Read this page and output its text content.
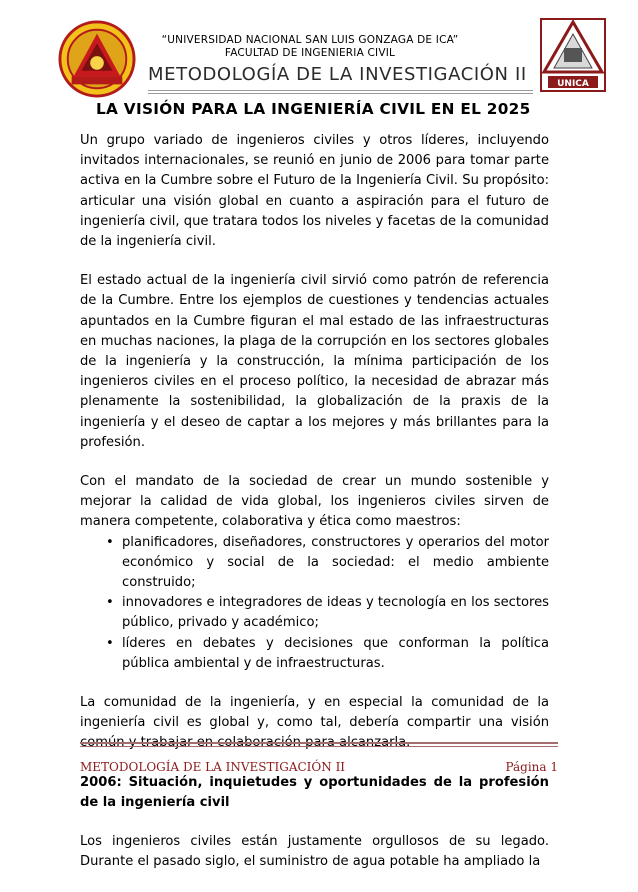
“UNIVERSIDAD NACIONAL SAN LUIS GONZAGA DE ICA”
FACULTAD DE INGENIERIA CIVIL
METODOLOGÍA DE LA INVESTIGACIÓN II	UNICA
LA VISIÓN PARA LA INGENIERÍA CIVIL EN EL 2025

Un grupo variado de ingenieros civiles y otros líderes, incluyendo invitados internacionales, se reunió en junio de 2006 para tomar parte activa en la Cumbre sobre el Futuro de la Ingeniería Civil. Su propósito: articular una visión global en cuanto a aspiración para el futuro de ingeniería civil, que tratara todos los niveles y facetas de la comunidad de la ingeniería civil.

El estado actual de la ingeniería civil sirvió como patrón de referencia de la Cumbre. Entre los ejemplos de cuestiones y tendencias actuales apuntados en la Cumbre figuran el mal estado de las infraestructuras en muchas naciones, la plaga de la corrupción en los sectores globales de la ingeniería y la construcción, la mínima participación de los ingenieros civiles en el proceso político, la necesidad de abrazar más plenamente la sostenibilidad, la globalización de la praxis de la ingeniería y el deseo de captar a los mejores y más brillantes para la profesión.

Con el mandato de la sociedad de crear un mundo sostenible y mejorar la calidad de vida global, los ingenieros civiles sirven de manera competente, colaborativa y ética como maestros:

• planificadores, diseñadores, constructores y operarios del motor económico y social de la sociedad: el medio ambiente construido;
• innovadores e integradores de ideas y tecnología en los sectores público, privado y académico;
• líderes en debates y decisiones que conforman la política pública ambiental y de infraestructuras.

La comunidad de la ingeniería, y en especial la comunidad de la ingeniería civil es global y, como tal, debería compartir una visión común y trabajar en colaboración para alcanzarla.

2006: Situación, inquietudes y oportunidades de la profesión de la ingeniería civil

Los ingenieros civiles están justamente orgullosos de su legado. Durante el pasado siglo, el suministro de agua potable ha ampliado la

METODOLOGÍA DE LA INVESTIGACIÓN II	Página 1
